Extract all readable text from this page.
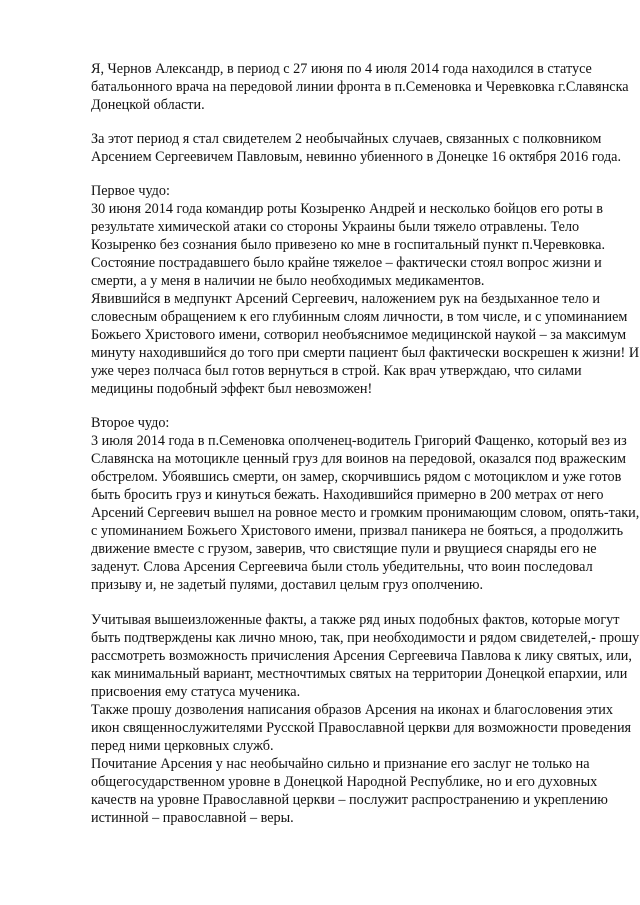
Я, Чернов Александр, в период с 27 июня по 4 июля 2014 года находился в статусе
батальонного врача на передовой линии фронта в п.Семеновка и Черевковка г.Славянска
Донецкой области.
За этот период я стал свидетелем 2 необычайных случаев, связанных с полковником
Арсением Сергеевичем Павловым, невинно убиенного в Донецке 16 октября 2016 года.
Первое чудо:
30 июня 2014 года командир роты Козыренко Андрей и несколько бойцов его роты в
результате химической атаки со стороны Украины были тяжело отравлены. Тело
Козыренко без сознания было привезено ко мне в госпитальный пункт п.Черевковка.
Состояние пострадавшего было крайне тяжелое – фактически стоял вопрос жизни и
смерти, а у меня в наличии не было необходимых медикаментов.
Явившийся в медпункт Арсений Сергеевич, наложением рук на бездыханное тело и
словесным обращением к его глубинным слоям личности, в том числе, и с упоминанием
Божьего Христового имени, сотворил необъяснимое медицинской наукой – за максимум
минуту находившийся до того при смерти пациент был фактически воскрешен к жизни! И
уже через полчаса был готов вернуться в строй. Как врач утверждаю, что силами
медицины подобный эффект был невозможен!
Второе чудо:
3 июля 2014 года в п.Семеновка ополченец-водитель Григорий Фащенко, который вез из
Славянска на мотоцикле ценный груз для воинов на передовой, оказался под вражеским
обстрелом. Убоявшись смерти, он замер, скорчившись рядом с мотоциклом и уже готов
быть бросить груз и кинуться бежать. Находившийся примерно в 200 метрах от него
Арсений Сергеевич вышел на ровное место и громким пронимающим словом, опять-таки,
с упоминанием Божьего Христового имени, призвал паникера не бояться, а продолжить
движение вместе с грузом, заверив, что свистящие пули и рвущиеся снаряды его не
заденут. Слова Арсения Сергеевича были столь убедительны, что воин последовал
призыву и, не задетый пулями, доставил целым груз ополчению.
Учитывая вышеизложенные факты, а также ряд иных подобных фактов, которые могут
быть подтверждены как лично мною, так, при необходимости и рядом свидетелей,- прошу
рассмотреть возможность причисления Арсения Сергеевича Павлова к лику святых, или,
как минимальный вариант, местночтимых святых на территории Донецкой епархии, или
присвоения ему статуса мученика.
Также прошу дозволения написания образов Арсения на иконах и благословения этих
икон священнослужителями Русской Православной церкви для возможности проведения
перед ними церковных служб.
Почитание Арсения у нас необычайно сильно и признание его заслуг не только на
общегосударственном уровне в Донецкой Народной Республике, но и его духовных
качеств на уровне Православной церкви – послужит распространению и укреплению
истинной – православной – веры.
